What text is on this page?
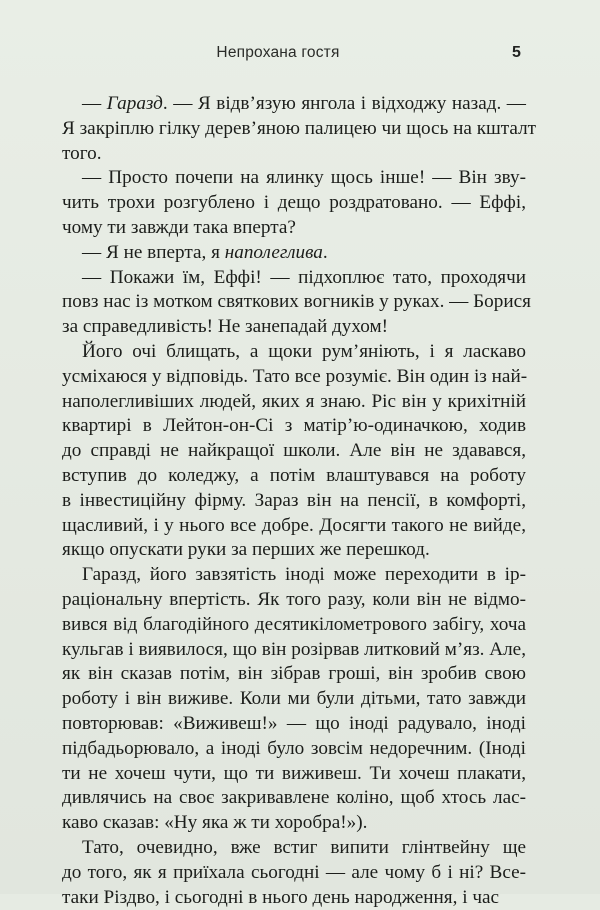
Непрохана гостя	5
— Гаразд. — Я відв’язую янгола і відходжу назад. —
Я закріплю гілку дерев’яною палицею чи щось на кшталт
того.
— Просто почепи на ялинку щось інше! — Він зву-
чить трохи розгублено і дещо роздратовано. — Еффі,
чому ти завжди така вперта?
— Я не вперта, я наполеглива.
— Покажи їм, Еффі! — підхоплює тато, проходячи
повз нас із мотком святкових вогників у руках. — Борися
за справедливість! Не занепадай духом!
Його очі блищать, а щоки рум’яніють, і я ласкаво
усміхаюся у відповідь. Тато все розуміє. Він один із най-
наполегливіших людей, яких я знаю. Ріс він у крихітній
квартирі в Лейтон-он-Сі з матір’ю-одиначкою, ходив
до справді не найкращої школи. Але він не здавався,
вступив до коледжу, а потім влаштувався на роботу
в інвестиційну фірму. Зараз він на пенсії, в комфорті,
щасливий, і у нього все добре. Досягти такого не вийде,
якщо опускати руки за перших же перешкод.
Гаразд, його завзятість іноді може переходити в ір-
раціональну впертість. Як того разу, коли він не відмо-
вився від благодійного десятикілометрового забігу, хоча
кульгав і виявилося, що він розірвав литковий м’яз. Але,
як він сказав потім, він зібрав гроші, він зробив свою
роботу і він виживе. Коли ми були дітьми, тато завжди
повторював: «Виживеш!» — що іноді радувало, іноді
підбадьорювало, а іноді було зовсім недоречним. (Іноді
ти не хочеш чути, що ти виживеш. Ти хочеш плакати,
дивлячись на своє закривавлене коліно, щоб хтось лас-
каво сказав: «Ну яка ж ти хоробра!»).
Тато, очевидно, вже встиг випити глінтвейну ще
до того, як я приїхала сьогодні — але чому б і ні? Все-
таки Різдво, і сьогодні в нього день народження, і час
